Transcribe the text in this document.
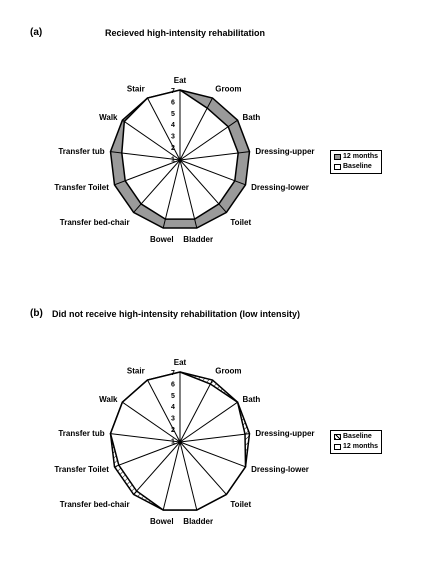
(a)	Recieved high-intensity rehabilitation
1
2
3
4
5
6
7
Eat
Groom
Bath
Dressing-upper
Dressing-lower
Toilet
Bladder
Bowel
Transfer bed-chair
Transfer Toilet
Transfer tub
Walk
Stair
12 months
Baseline
(b) Did not receive high-intensity rehabilitation (low intensity)
1
2
3
4
5
6
7
Eat
Groom
Bath
Dressing-upper
Dressing-lower
Toilet
Bladder
Bowel
Transfer bed-chair
Transfer Toilet
Transfer tub
Walk
Stair
Baseline
12 months
